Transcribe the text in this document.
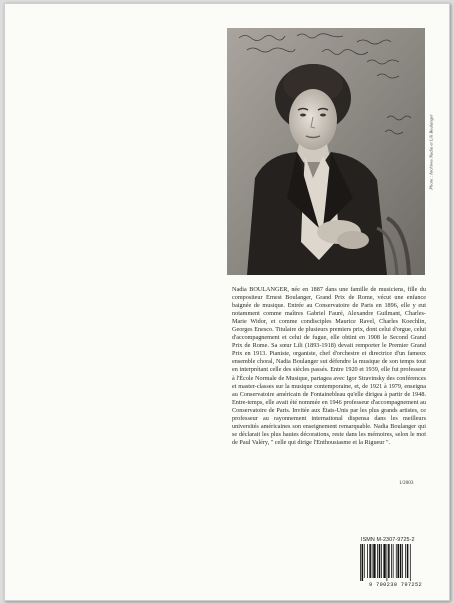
Photo : Archives Nadia et Lili Boulanger

Nadia BOULANGER, née en 1887 dans une famille de musiciens, fille du compositeur Ernest Boulanger, Grand Prix de Rome, vécut une enfance baignée de musique. Entrée au Conservatoire de Paris en 1896, elle y eut notamment comme maîtres Gabriel Fauré, Alexandre Guilmant, Charles-Marie Widor, et comme condisciples Maurice Ravel, Charles Koechlin, Georges Enesco. Titulaire de plusieurs premiers prix, dont celui d'orgue, celui d'accompagnement et celui de fugue, elle obtint en 1908 le Second Grand Prix de Rome. Sa sœur Lili (1893-1918) devait remporter le Premier Grand Prix en 1913. Pianiste, organiste, chef d'orchestre et directrice d'un fameux ensemble choral, Nadia Boulanger sut défendre la musique de son temps tout en interprétant celle des siècles passés. Entre 1920 et 1939, elle fut professeur à l'École Normale de Musique, partagea avec Igor Stravinsky des conférences et master-classes sur la musique contemporaine, et, de 1921 à 1979, enseigna au Conservatoire américain de Fontainebleau qu'elle dirigea à partir de 1948. Entre-temps, elle avait été nommée en 1946 professeur d'accompagnement au Conservatoire de Paris. Invitée aux États-Unis par les plus grands artistes, ce professeur au rayonnement international dispensa dans les meilleurs universités américaines son enseignement remarquable. Nadia Boulanger qui se déclarait les plus hautes décorations, reste dans les mémoires, selon le mot de Paul Valéry, " celle qui dirige l'Enthousiasme et la Rigueur ".

1/2003
ISMN M-2307-9725-2
9 790230 797252
